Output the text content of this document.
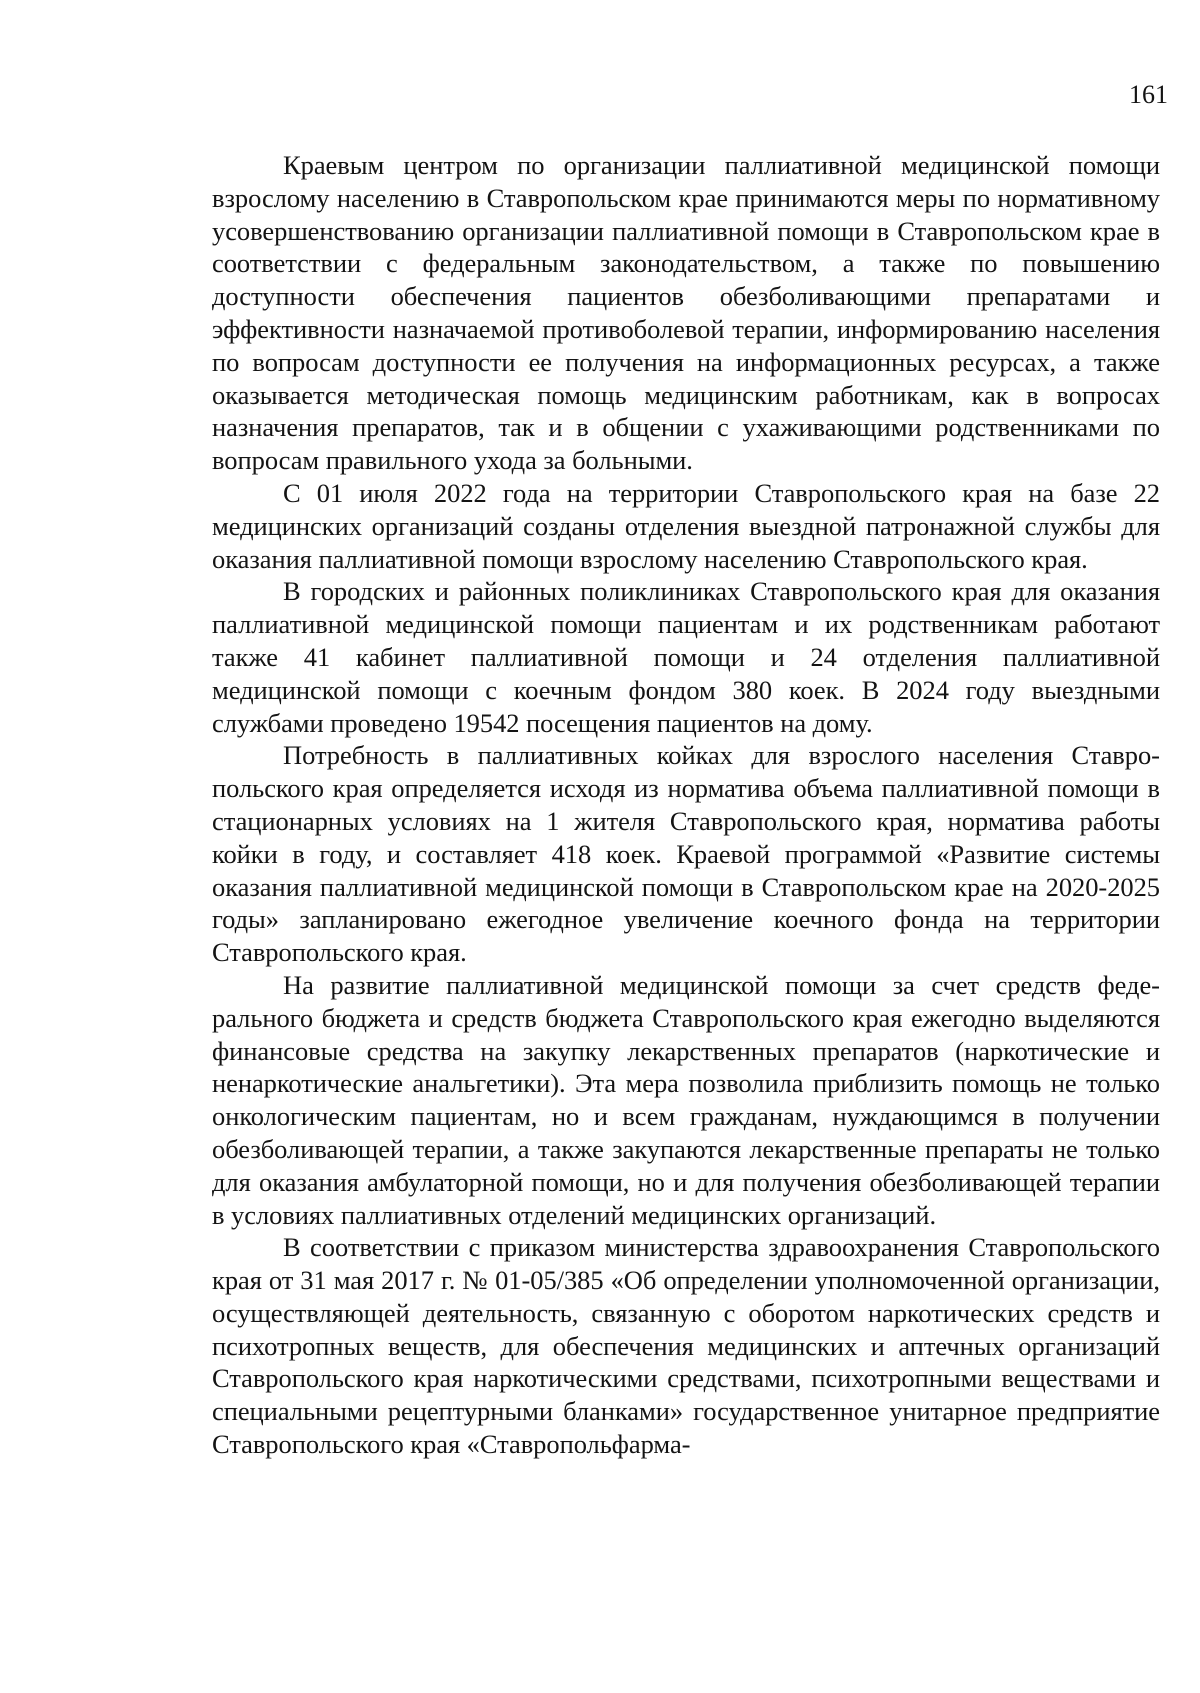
161

Краевым центром по организации паллиативной медицинской помощи взрослому населению в Ставропольском крае принимаются меры по нормативному усовершенствованию организации паллиативной помощи в Ставропольском крае в соответствии с федеральным законодательством, а также по повышению доступности обеспечения пациентов обезболивающими препаратами и эффективности назначаемой противоболевой терапии, информированию населения по вопросам доступности ее получения на информационных ресурсах, а также оказывается методическая помощь медицинским работникам, как в вопросах назначения препаратов, так и в общении с ухаживающими родственниками по вопросам правильного ухода за больными.

С 01 июля 2022 года на территории Ставропольского края на базе 22 медицинских организаций созданы отделения выездной патронажной службы для оказания паллиативной помощи взрослому населению Ставропольского края.

В городских и районных поликлиниках Ставропольского края для оказания паллиативной медицинской помощи пациентам и их родственникам работают также 41 кабинет паллиативной помощи и 24 отделения паллиативной медицинской помощи с коечным фондом 380 коек. В 2024 году выездными службами проведено 19542 посещения пациентов на дому.

Потребность в паллиативных койках для взрослого населения Ставропольского края определяется исходя из норматива объема паллиативной помощи в стационарных условиях на 1 жителя Ставропольского края, норматива работы койки в году, и составляет 418 коек. Краевой программой «Развитие системы оказания паллиативной медицинской помощи в Ставропольском крае на 2020-2025 годы» запланировано ежегодное увеличение коечного фонда на территории Ставропольского края.

На развитие паллиативной медицинской помощи за счет средств федерального бюджета и средств бюджета Ставропольского края ежегодно выделяются финансовые средства на закупку лекарственных препаратов (наркотические и ненаркотические анальгетики). Эта мера позволила приблизить помощь не только онкологическим пациентам, но и всем гражданам, нуждающимся в получении обезболивающей терапии, а также закупаются лекарственные препараты не только для оказания амбулаторной помощи, но и для получения обезболивающей терапии в условиях паллиативных отделений медицинских организаций.

В соответствии с приказом министерства здравоохранения Ставропольского края от 31 мая 2017 г. № 01-05/385 «Об определении уполномоченной организации, осуществляющей деятельность, связанную с оборотом наркотических средств и психотропных веществ, для обеспечения медицинских и аптечных организаций Ставропольского края наркотическими средствами, психотропными веществами и специальными рецептурными бланками» государственное унитарное предприятие Ставропольского края «Ставропольфарма-
